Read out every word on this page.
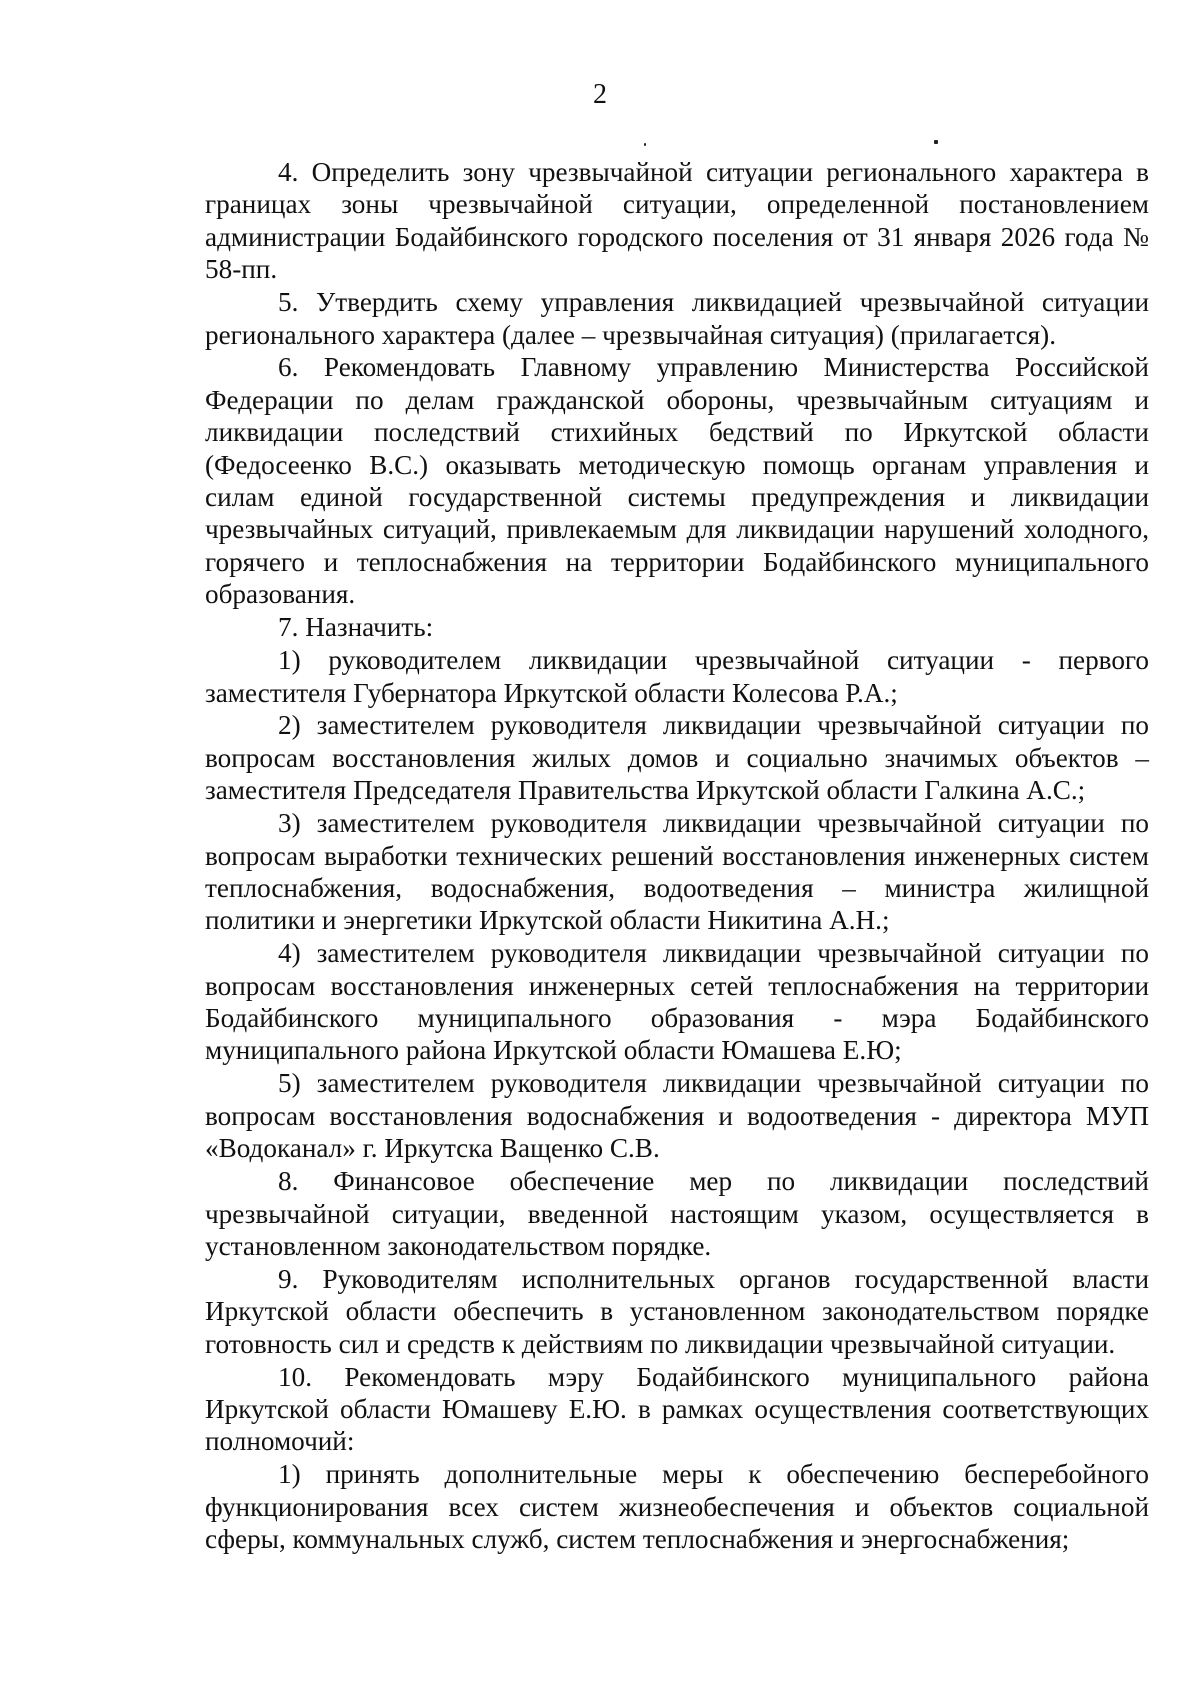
2

4. Определить зону чрезвычайной ситуации регионального характера в границах зоны чрезвычайной ситуации, определенной постановлением администрации Бодайбинского городского поселения от 31 января 2026 года № 58-пп.

5. Утвердить схему управления ликвидацией чрезвычайной ситуации регионального характера (далее – чрезвычайная ситуация) (прилагается).

6. Рекомендовать Главному управлению Министерства Российской Федерации по делам гражданской обороны, чрезвычайным ситуациям и ликвидации последствий стихийных бедствий по Иркутской области (Федосеенко В.С.) оказывать методическую помощь органам управления и силам единой государственной системы предупреждения и ликвидации чрезвычайных ситуаций, привлекаемым для ликвидации нарушений холодного, горячего и теплоснабжения на территории Бодайбинского муниципального образования.

7. Назначить:

1) руководителем ликвидации чрезвычайной ситуации - первого заместителя Губернатора Иркутской области Колесова Р.А.;

2) заместителем руководителя ликвидации чрезвычайной ситуации по вопросам восстановления жилых домов и социально значимых объектов – заместителя Председателя Правительства Иркутской области Галкина А.С.;

3) заместителем руководителя ликвидации чрезвычайной ситуации по вопросам выработки технических решений восстановления инженерных систем теплоснабжения, водоснабжения, водоотведения – министра жилищной политики и энергетики Иркутской области Никитина А.Н.;

4) заместителем руководителя ликвидации чрезвычайной ситуации по вопросам восстановления инженерных сетей теплоснабжения на территории Бодайбинского муниципального образования - мэра Бодайбинского муниципального района Иркутской области Юмашева Е.Ю;

5) заместителем руководителя ликвидации чрезвычайной ситуации по вопросам восстановления водоснабжения и водоотведения - директора МУП «Водоканал» г. Иркутска Ващенко С.В.

8. Финансовое обеспечение мер по ликвидации последствий чрезвычайной ситуации, введенной настоящим указом, осуществляется в установленном законодательством порядке.

9. Руководителям исполнительных органов государственной власти Иркутской области обеспечить в установленном законодательством порядке готовность сил и средств к действиям по ликвидации чрезвычайной ситуации.

10. Рекомендовать мэру Бодайбинского муниципального района Иркутской области Юмашеву Е.Ю. в рамках осуществления соответствующих полномочий:

1) принять дополнительные меры к обеспечению бесперебойного функционирования всех систем жизнеобеспечения и объектов социальной сферы, коммунальных служб, систем теплоснабжения и энергоснабжения;
